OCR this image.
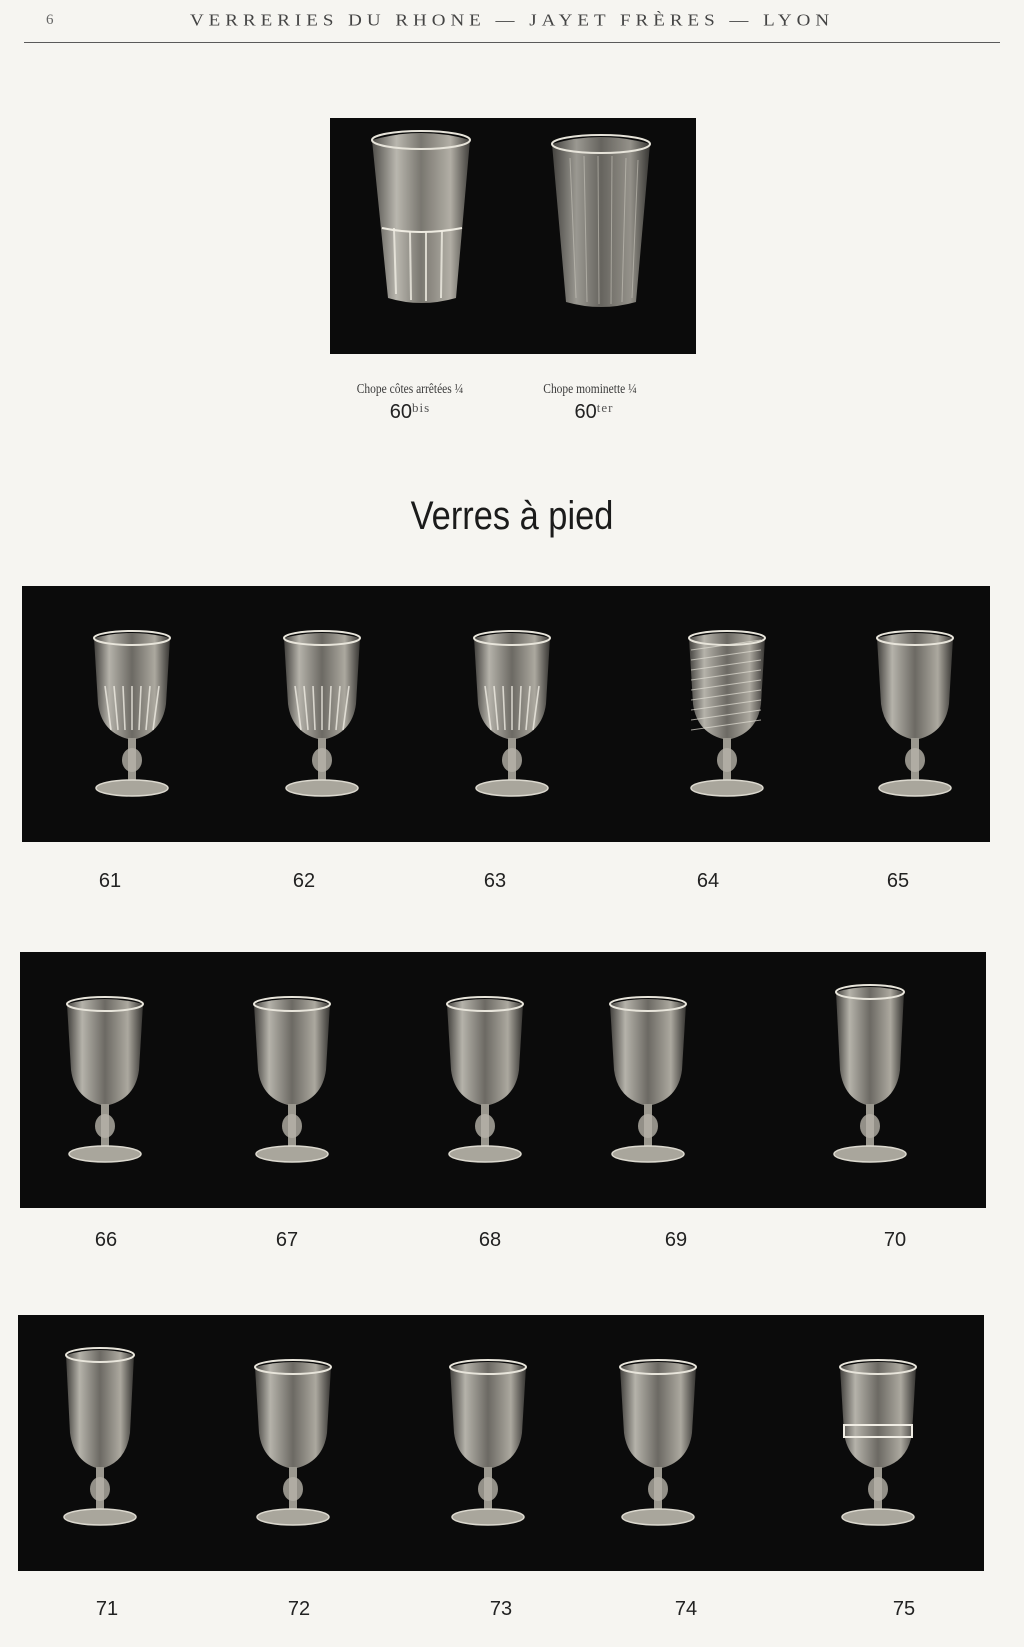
6	VERRERIES DU RHONE — JAYET FRÈRES — LYON
Chope côtes arrêtées ¼
$60^{bis}$
Chope mominette ¼
$60^{ter}$
Verres à pied
61	62	63	64	65
66	67	68	69	70
71	72	73	74	75
